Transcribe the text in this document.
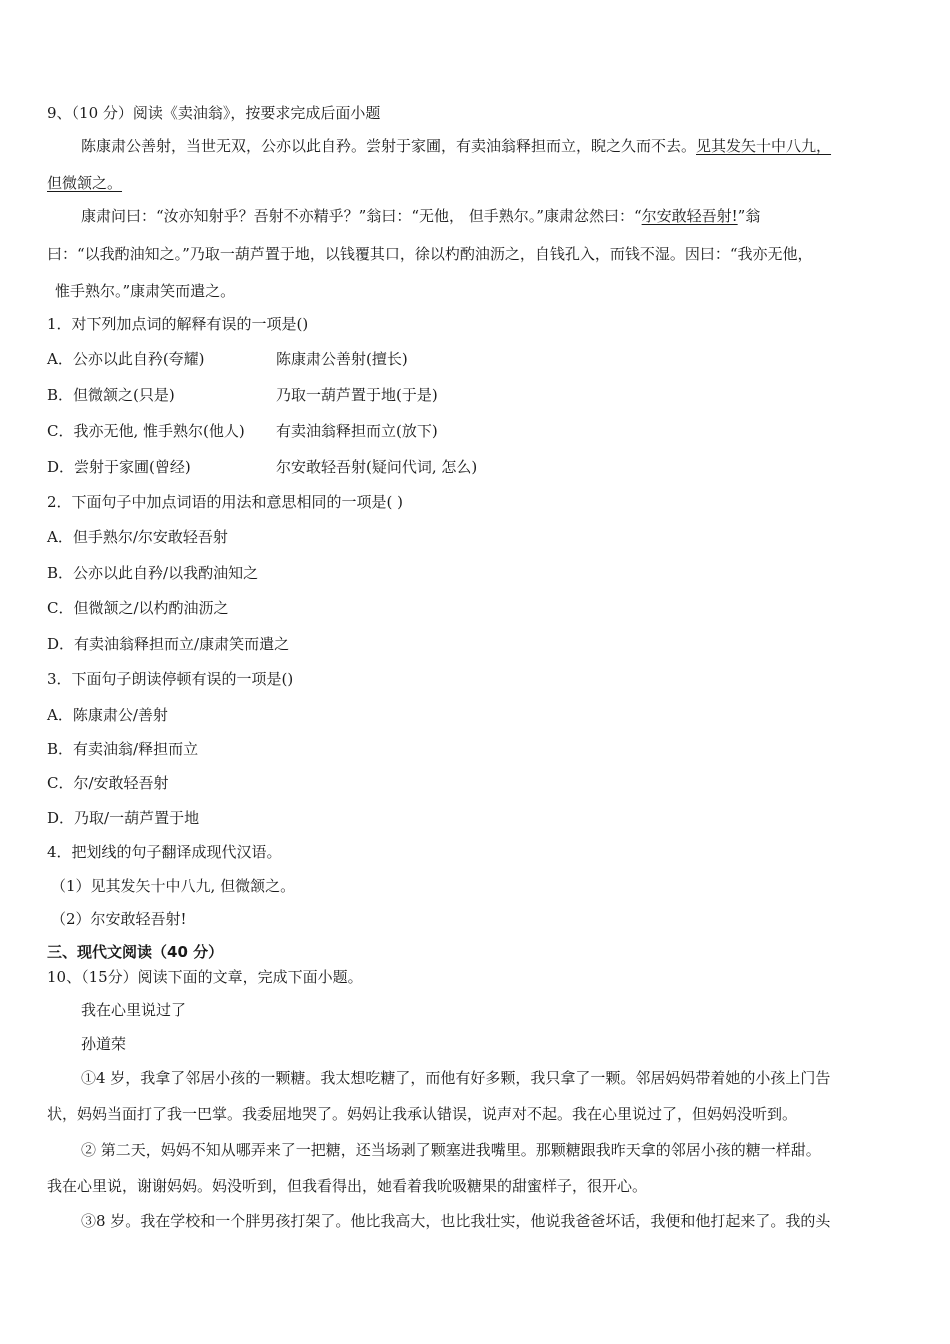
9、（10 分）阅读《卖油翁》，按要求完成后面小题
陈康肃公善射，当世无双，公亦以此自矜。尝射于家圃，有卖油翁释担而立，睨之久而不去。见其发矢十中八九，
但微颔之。
康肃问曰：“汝亦知射乎？吾射不亦精乎？”翁曰：“无他， 但手熟尔。”康肃忿然曰：“尔安敢轻吾射!”翁
曰：“以我酌油知之。”乃取一葫芦置于地，以钱覆其口，徐以杓酌油沥之，自钱孔入，而钱不湿。因曰：“我亦无他，
惟手熟尔。”康肃笑而遣之。
1．对下列加点词的解释有误的一项是()
A．公亦以此自矜(夸耀)	陈康肃公善射(擅长)
B．但微颔之(只是)	乃取一葫芦置于地(于是)
C．我亦无他, 惟手熟尔(他人) 有卖油翁释担而立(放下)
D．尝射于家圃(曾经)	尔安敢轻吾射(疑问代词, 怎么)
2．下面句子中加点词语的用法和意思相同的一项是( )
A．但手熟尔/尔安敢轻吾射
B．公亦以此自矜/以我酌油知之
C．但微颔之/以杓酌油沥之
D．有卖油翁释担而立/康肃笑而遣之
3．下面句子朗读停顿有误的一项是()
A．陈康肃公/善射
B．有卖油翁/释担而立
C．尔/安敢轻吾射
D．乃取/一葫芦置于地
4．把划线的句子翻译成现代汉语。
（1）见其发矢十中八九, 但微颔之。
（2）尔安敢轻吾射!
三、现代文阅读（40 分）
10、（15分）阅读下面的文章，完成下面小题。
我在心里说过了
孙道荣
①4 岁，我拿了邻居小孩的一颗糖。我太想吃糖了，而他有好多颗，我只拿了一颗。邻居妈妈带着她的小孩上门告
状，妈妈当面打了我一巴掌。我委屈地哭了。妈妈让我承认错误，说声对不起。我在心里说过了，但妈妈没听到。
② 第二天，妈妈不知从哪弄来了一把糖，还当场剥了颗塞进我嘴里。那颗糖跟我昨天拿的邻居小孩的糖一样甜。
我在心里说，谢谢妈妈。妈没听到，但我看得出，她看着我吮吸糖果的甜蜜样子，很开心。
③8 岁。我在学校和一个胖男孩打架了。他比我高大，也比我壮实，他说我爸爸坏话，我便和他打起来了。我的头
